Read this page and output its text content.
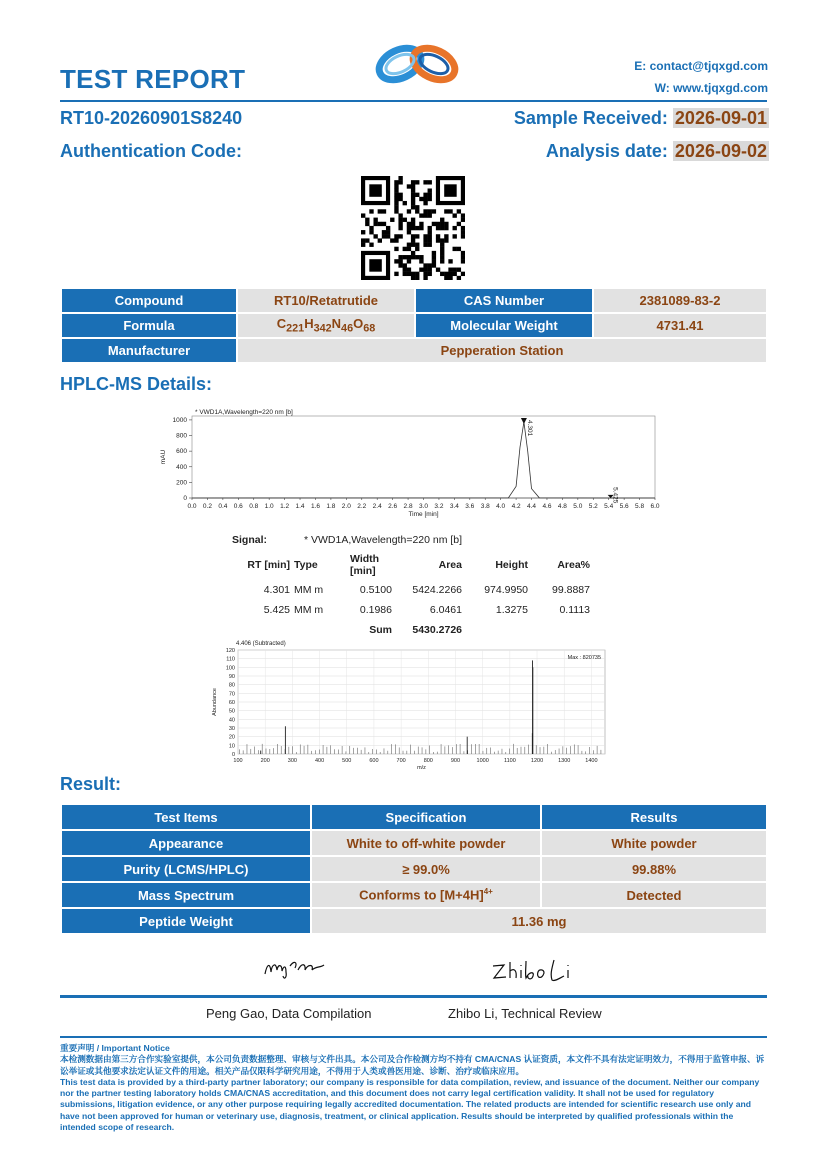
TEST REPORT	E: contact@tjqxgd.com
W: www.tjqxgd.com
RT10-20260901S8240
Authentication Code:
Sample Received: 2026-09-01
Analysis date: 2026-09-02
Compound	RT10/Retatrutide	CAS Number	2381089-83-2
Formula	$C_{221}H_{342}N_{46}O_{68}$	Molecular Weight	4731.41
Manufacturer	Pepperation Station		
HPLC-MS Details:
* VWD1A,Wavelength=220 nm [b]
1000
800
600
400
200
0
0.0 0.2 0.4 0.6 0.8 1.0 1.2 1.4 1.6 1.8 2.0 2.2 2.4 2.6 2.8 3.0 3.2 3.4 3.6 3.8 4.0 4.2 4.4 4.6 4.8 5.0 5.2 5.4 5.6 5.8 6.0
Time [min]
mAU
4.301
5.425
Signal:	* VWD1A,Wavelength=220 nm [b]				
RT [min]	Type	Width [min]	Area	Height	Area%
4.301	MM m	0.5100	5424.2266	974.9950	99.8887
5.425	MM m	0.1986	6.0461	1.3275	0.1113
		Sum	5430.2726		
4.406 (Subtracted)
120
110
100
90
80
70
60
50
40
30
20
10
0
100	200	300	400	500	600	700	800	900	1000	1100	1200	1300	1400
m/z
Abundance
Max : 820735
Result:
Test Items	Specification	Results
Appearance	White to off-white powder	White powder
Purity (LCMS/HPLC)	≥ 99.0%	99.88%
Mass Spectrum	Conforms to $[M+4H]^{4+}$	Detected
Peptide Weight	11.36 mg	
Peng Gao, Data Compilation	Zhibo Li, Technical Review

重要声明 / Important Notice

本检测数据由第三方合作实验室提供，本公司负责数据整理、审核与文件出具。本公司及合作检测方均不持有 CMA/CNAS 认证资质，本文件不具有法定证明效力，不得用于监管申报、诉讼举证或其他要求法定认证文件的用途。相关产品仅限科学研究用途，不得用于人类或兽医用途、诊断、治疗或临床应用。

This test data is provided by a third-party partner laboratory; our company is responsible for data compilation, review, and issuance of the document. Neither our company nor the partner testing laboratory holds CMA/CNAS accreditation, and this document does not carry legal certification validity. It shall not be used for regulatory submissions, litigation evidence, or any other purpose requiring legally accredited documentation. The related products are intended for scientific research use only and have not been approved for human or veterinary use, diagnosis, treatment, or clinical application. Results should be interpreted by qualified professionals within the intended scope of research.
